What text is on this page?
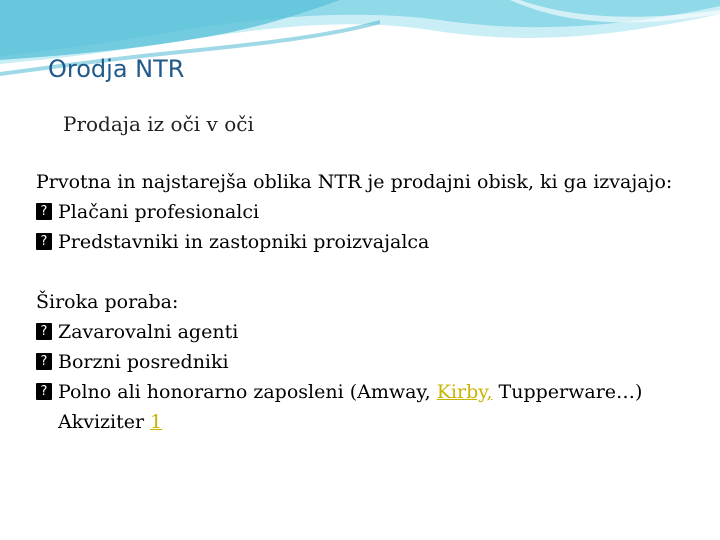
Orodja NTR
Prodaja iz oči v oči

Prvotna in najstarejša oblika NTR je prodajni obisk, ki ga izvajajo:

? Plačani profesionalci
? Predstavniki in zastopniki proizvajalca

Široka poraba:

? Zavarovalni agenti
? Borzni posredniki
? Polno ali honorarno zaposleni (Amway, Kirby, Tupperware…) Akviziter 1
